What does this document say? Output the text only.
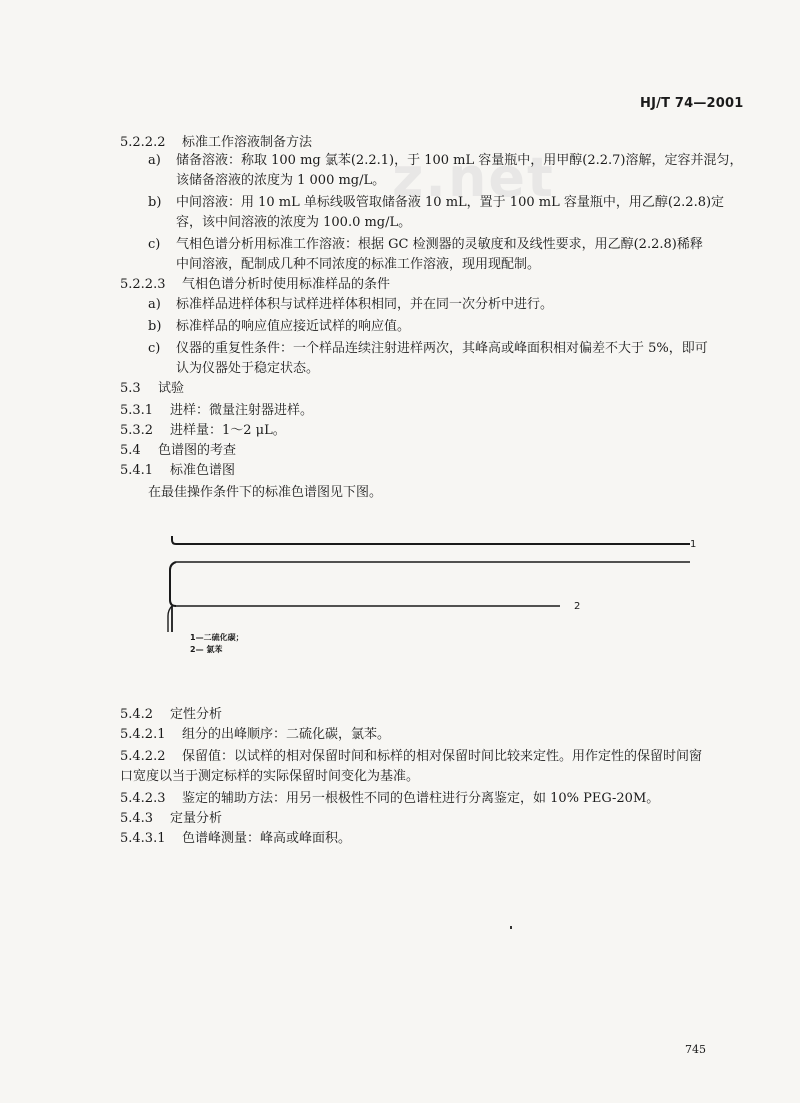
HJ/T 74—2001
z.net
5.2.2.2 标准工作溶液制备方法
a) 储备溶液：称取 100 mg 氯苯(2.2.1)，于 100 mL 容量瓶中，用甲醇(2.2.7)溶解，定容并混匀，
该储备溶液的浓度为 1 000 mg/L。
b) 中间溶液：用 10 mL 单标线吸管取储备液 10 mL，置于 100 mL 容量瓶中，用乙醇(2.2.8)定
容，该中间溶液的浓度为 100.0 mg/L。
c) 气相色谱分析用标准工作溶液：根据 GC 检测器的灵敏度和及线性要求，用乙醇(2.2.8)稀释
中间溶液，配制成几种不同浓度的标准工作溶液，现用现配制。
5.2.2.3 气相色谱分析时使用标准样品的条件
a) 标准样品进样体积与试样进样体积相同，并在同一次分析中进行。
b) 标准样品的响应值应接近试样的响应值。
c) 仪器的重复性条件：一个样品连续注射进样两次，其峰高或峰面积相对偏差不大于 5%，即可
认为仪器处于稳定状态。
5.3 试验
5.3.1 进样：微量注射器进样。
5.3.2 进样量：1～2 μL。
5.4 色谱图的考查
5.4.1 标准色谱图
在最佳操作条件下的标准色谱图见下图。
1
2
1—二硫化碳；
2— 氯苯
5.4.2 定性分析
5.4.2.1 组分的出峰顺序：二硫化碳，氯苯。
5.4.2.2 保留值：以试样的相对保留时间和标样的相对保留时间比较来定性。用作定性的保留时间窗
口宽度以当于测定标样的实际保留时间变化为基准。
5.4.2.3 鉴定的辅助方法：用另一根极性不同的色谱柱进行分离鉴定，如 10% PEG-20M。
5.4.3 定量分析
5.4.3.1 色谱峰测量：峰高或峰面积。
745
